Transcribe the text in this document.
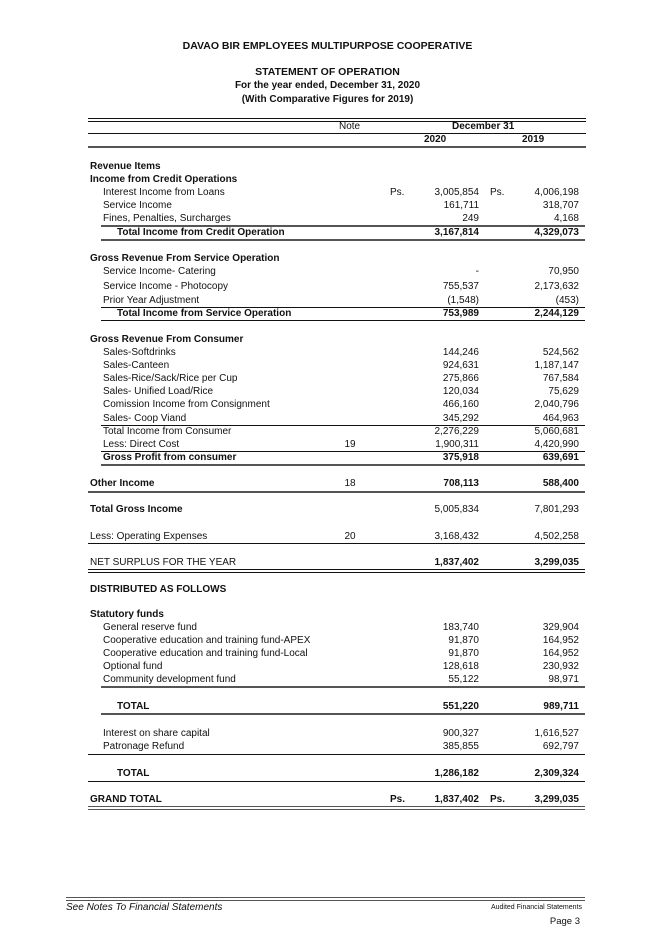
DAVAO BIR EMPLOYEES MULTIPURPOSE COOPERATIVE
STATEMENT OF OPERATION
For the year ended, December 31, 2020
(With Comparative Figures for 2019)
Note	December 31
2020	2019
Revenue Items
Income from Credit Operations
Interest Income from Loans	Ps.	3,005,854 Ps.	4,006,198
Service Income	161,711	318,707
Fines, Penalties, Surcharges	249	4,168
Total Income from Credit Operation	3,167,814	4,329,073
Gross Revenue From Service Operation
Service Income- Catering	-	70,950
Service Income - Photocopy	755,537	2,173,632
Prior Year Adjustment	(1,548)	(453)
Total Income from Service Operation	753,989	2,244,129
Gross Revenue From Consumer
Sales-Softdrinks	144,246	524,562
Sales-Canteen	924,631	1,187,147
Sales-Rice/Sack/Rice per Cup	275,866	767,584
Sales- Unified Load/Rice	120,034	75,629
Comission Income from Consignment	466,160	2,040,796
Sales- Coop Viand	345,292	464,963
Total Income from Consumer	2,276,229	5,060,681
Less: Direct Cost	19	1,900,311	4,420,990
Gross Profit from consumer	375,918	639,691
Other Income	18	708,113	588,400
Total Gross Income	5,005,834	7,801,293
Less: Operating Expenses	20	3,168,432	4,502,258
NET SURPLUS FOR THE YEAR	1,837,402	3,299,035
DISTRIBUTED AS FOLLOWS
Statutory funds
General reserve fund	183,740	329,904
Cooperative education and training fund-APEX	91,870	164,952
Cooperative education and training fund-Local	91,870	164,952
Optional fund	128,618	230,932
Community development fund	55,122	98,971
TOTAL	551,220	989,711
Interest on share capital	900,327	1,616,527
Patronage Refund	385,855	692,797
TOTAL	1,286,182	2,309,324
GRAND TOTAL	Ps.	1,837,402 Ps.	3,299,035
See Notes To Financial Statements	Audited Financial Statements
Page 3
